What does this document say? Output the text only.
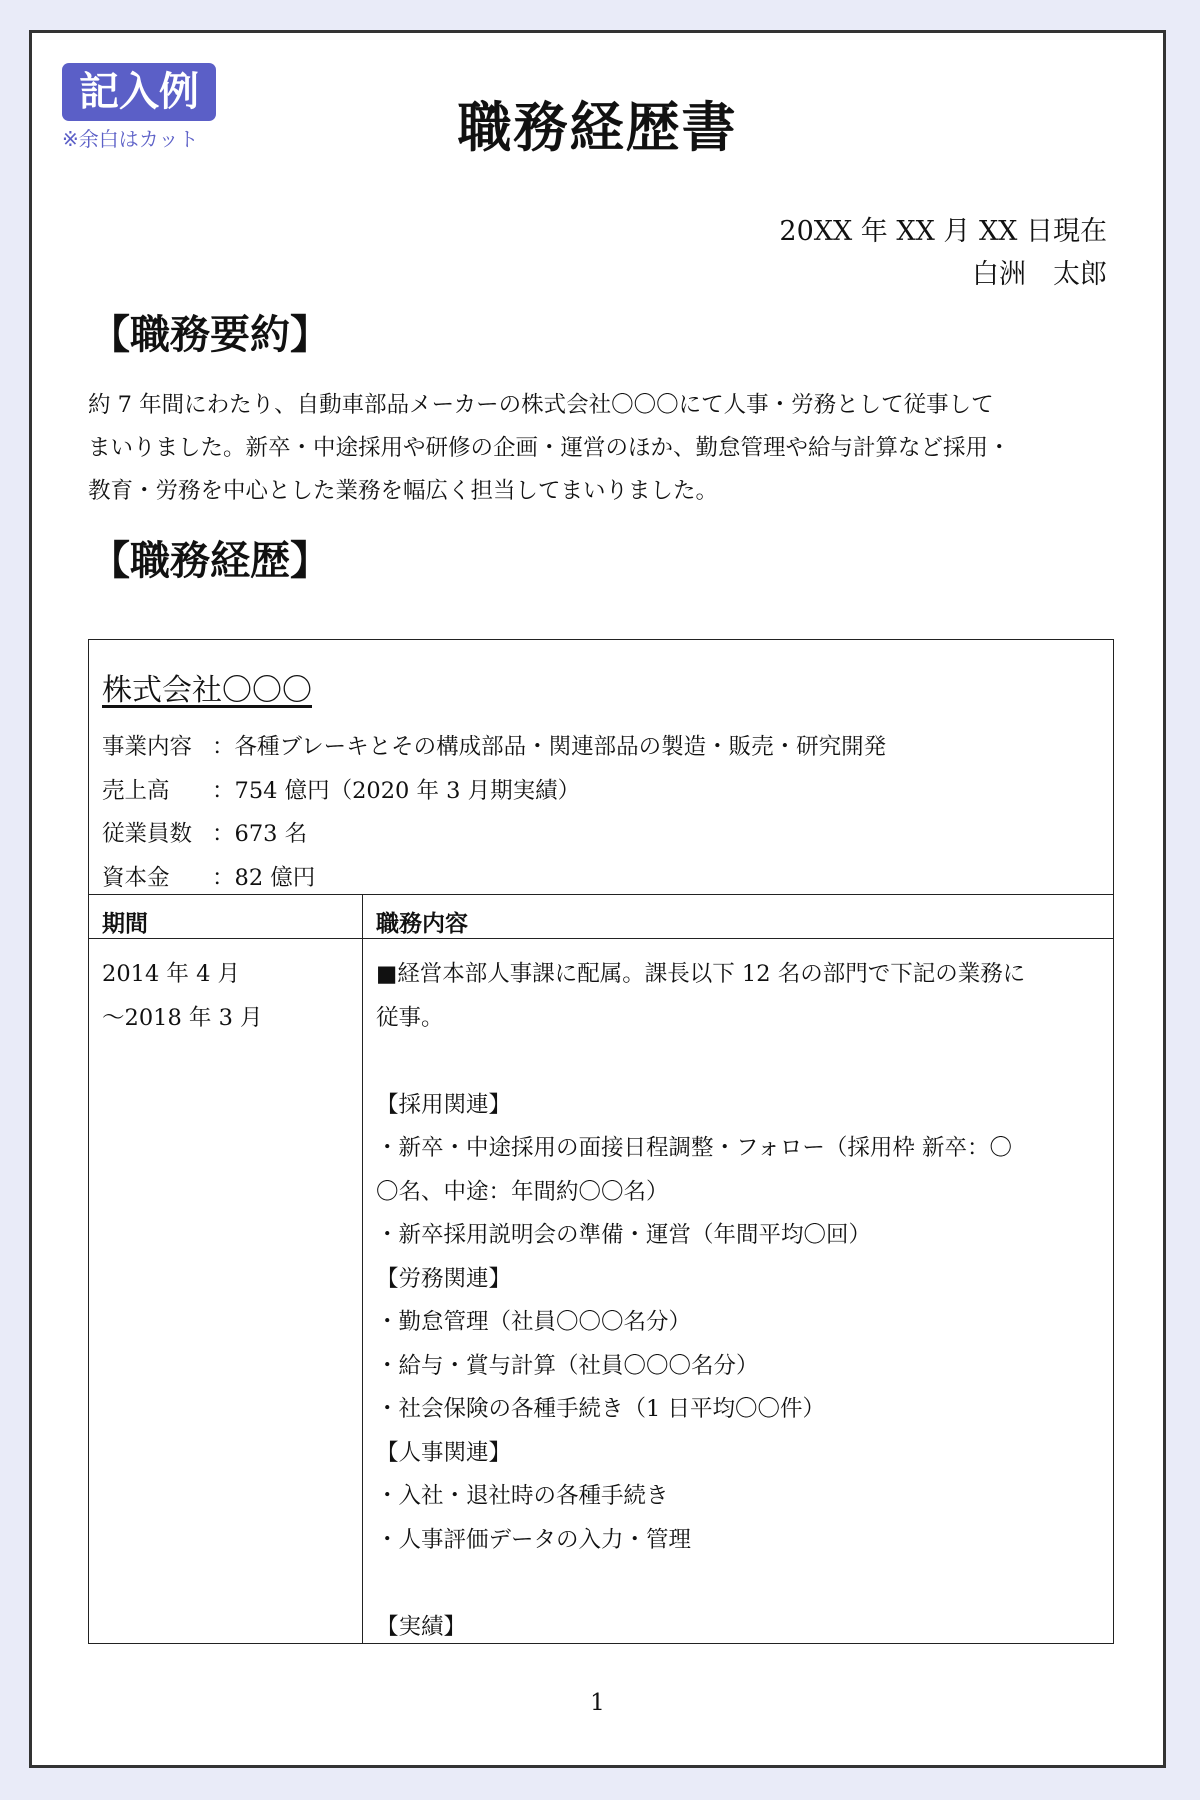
記入例
※余白はカット	職務経歴書
20XX 年 XX 月 XX 日現在
白洲　太郎
【職務要約】
約 7 年間にわたり、自動車部品メーカーの株式会社〇〇〇にて人事・労務として従事して
まいりました。新卒・中途採用や研修の企画・運営のほか、勤怠管理や給与計算など採用・
教育・労務を中心とした業務を幅広く担当してまいりました。
【職務経歴】
株式会社〇〇〇
事業内容 ： 各種ブレーキとその構成部品・関連部品の製造・販売・研究開発
売上高	： 754 億円（2020 年 3 月期実績）
従業員数 ： 673 名
資本金	： 82 億円
期間	職務内容
2014 年 4 月
～2018 年 3 月
■経営本部人事課に配属。課長以下 12 名の部門で下記の業務に
従事。
【採用関連】
・新卒・中途採用の面接日程調整・フォロー（採用枠 新卒：〇
〇名、中途：年間約〇〇名）
・新卒採用説明会の準備・運営（年間平均〇回）
【労務関連】
・勤怠管理（社員〇〇〇名分）
・給与・賞与計算（社員〇〇〇名分）
・社会保険の各種手続き（1 日平均〇〇件）
【人事関連】
・入社・退社時の各種手続き
・人事評価データの入力・管理
【実績】
1
